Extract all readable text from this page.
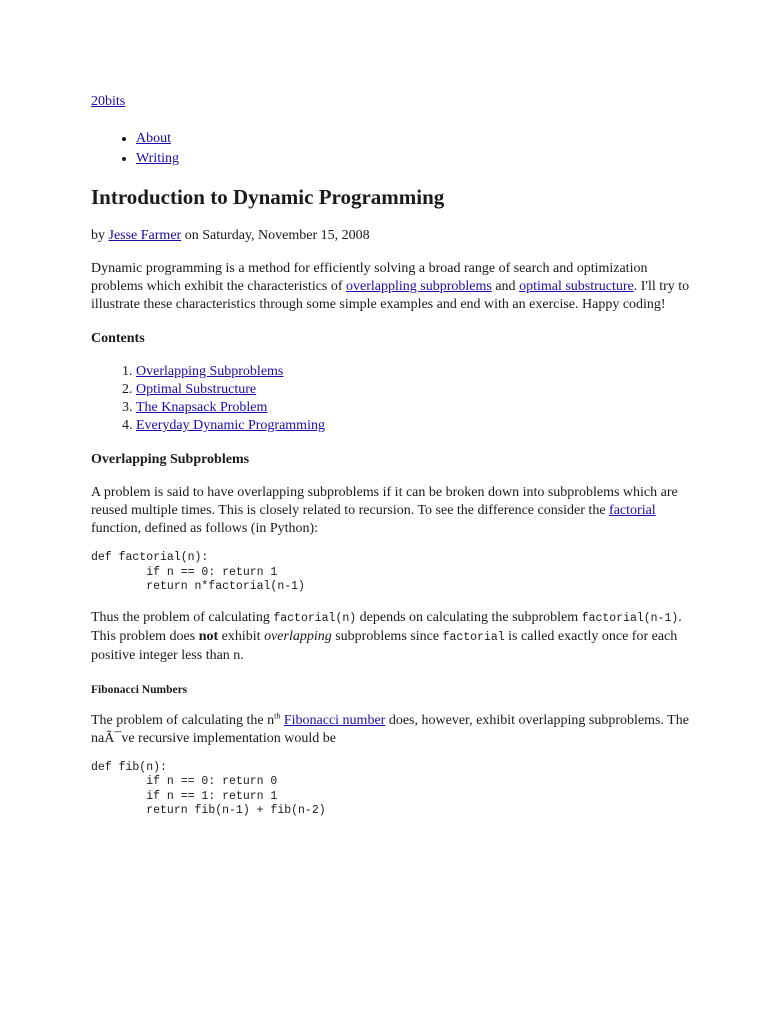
20bits
• About
• Writing
Introduction to Dynamic Programming
by Jesse Farmer on Saturday, November 15, 2008

Dynamic programming is a method for efficiently solving a broad range of search and optimization problems which exhibit the characteristics of overlappling subproblems and optimal substructure. I'll try to illustrate these characteristics through some simple examples and end with an exercise. Happy coding!

Contents
1. Overlapping Subproblems
2. Optimal Substructure
3. The Knapsack Problem
4. Everyday Dynamic Programming
Overlapping Subproblems

A problem is said to have overlapping subproblems if it can be broken down into subproblems which are reused multiple times. This is closely related to recursion. To see the difference consider the factorial function, defined as follows (in Python):

def factorial(n):
if n == 0: return 1
return n*factorial(n-1)

Thus the problem of calculating factorial(n) depends on calculating the subproblem factorial(n-1). This problem does not exhibit overlapping subproblems since factorial is called exactly once for each positive integer less than n.

Fibonacci Numbers

The problem of calculating the $n^{th}$ Fibonacci number does, however, exhibit overlapping subproblems. The naÃ¯ve recursive implementation would be

def fib(n):
if n == 0: return 0
if n == 1: return 1
return fib(n-1) + fib(n-2)
